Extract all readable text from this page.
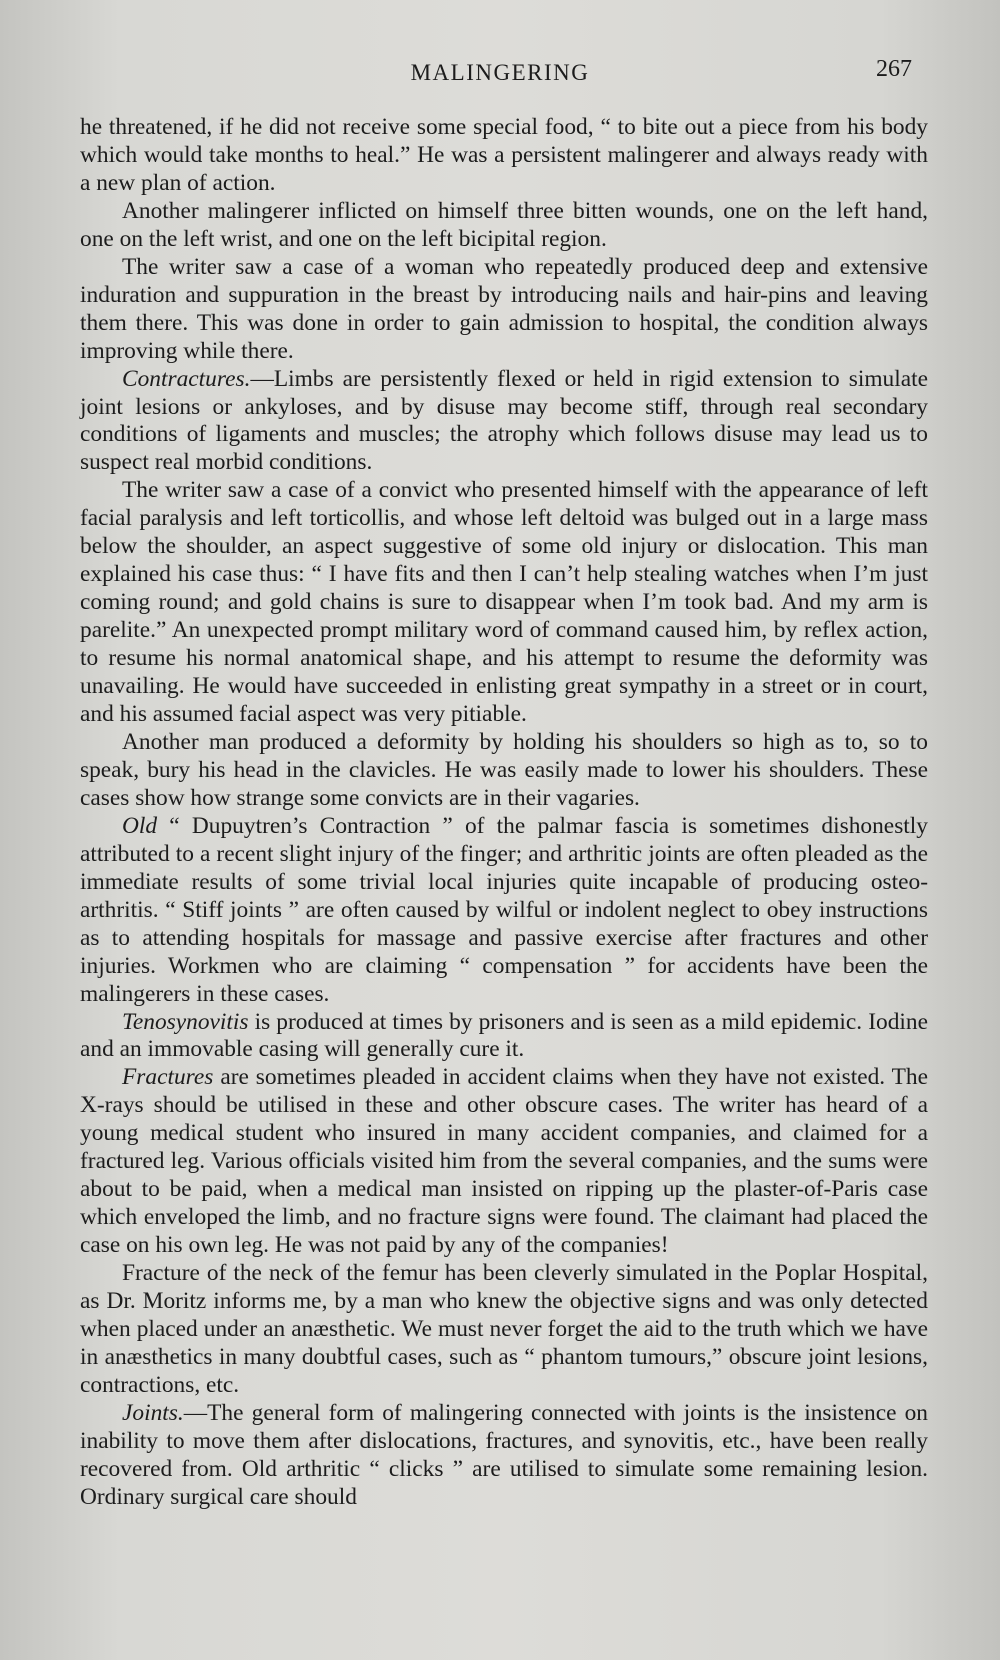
MALINGERING	267

he threatened, if he did not receive some special food, “ to bite out a piece from his body which would take months to heal.” He was a persistent malingerer and always ready with a new plan of action.

Another malingerer inflicted on himself three bitten wounds, one on the left hand, one on the left wrist, and one on the left bicipital region.

The writer saw a case of a woman who repeatedly produced deep and extensive induration and suppuration in the breast by introducing nails and hair-pins and leaving them there. This was done in order to gain admission to hospital, the condition always improving while there.

Contractures.—Limbs are persistently flexed or held in rigid extension to simulate joint lesions or ankyloses, and by disuse may become stiff, through real secondary conditions of ligaments and muscles; the atrophy which follows disuse may lead us to suspect real morbid conditions.

The writer saw a case of a convict who presented himself with the appearance of left facial paralysis and left torticollis, and whose left deltoid was bulged out in a large mass below the shoulder, an aspect suggestive of some old injury or dislocation. This man explained his case thus: “ I have fits and then I can’t help stealing watches when I’m just coming round; and gold chains is sure to disappear when I’m took bad. And my arm is parelite.” An unexpected prompt military word of command caused him, by reflex action, to resume his normal anatomical shape, and his attempt to resume the deformity was unavailing. He would have succeeded in enlisting great sympathy in a street or in court, and his assumed facial aspect was very pitiable.

Another man produced a deformity by holding his shoulders so high as to, so to speak, bury his head in the clavicles. He was easily made to lower his shoulders. These cases show how strange some convicts are in their vagaries.

Old “ Dupuytren’s Contraction ” of the palmar fascia is sometimes dishonestly attributed to a recent slight injury of the finger; and arthritic joints are often pleaded as the immediate results of some trivial local injuries quite incapable of producing osteo-arthritis. “ Stiff joints ” are often caused by wilful or indolent neglect to obey instructions as to attending hospitals for massage and passive exercise after fractures and other injuries. Workmen who are claiming “ compensation ” for accidents have been the malingerers in these cases.

Tenosynovitis is produced at times by prisoners and is seen as a mild epidemic. Iodine and an immovable casing will generally cure it.

Fractures are sometimes pleaded in accident claims when they have not existed. The X-rays should be utilised in these and other obscure cases. The writer has heard of a young medical student who insured in many accident companies, and claimed for a fractured leg. Various officials visited him from the several companies, and the sums were about to be paid, when a medical man insisted on ripping up the plaster-of-Paris case which enveloped the limb, and no fracture signs were found. The claimant had placed the case on his own leg. He was not paid by any of the companies!

Fracture of the neck of the femur has been cleverly simulated in the Poplar Hospital, as Dr. Moritz informs me, by a man who knew the objective signs and was only detected when placed under an anæsthetic. We must never forget the aid to the truth which we have in anæsthetics in many doubtful cases, such as “ phantom tumours,” obscure joint lesions, contractions, etc.

Joints.—The general form of malingering connected with joints is the insistence on inability to move them after dislocations, fractures, and synovitis, etc., have been really recovered from. Old arthritic “ clicks ” are utilised to simulate some remaining lesion. Ordinary surgical care should
